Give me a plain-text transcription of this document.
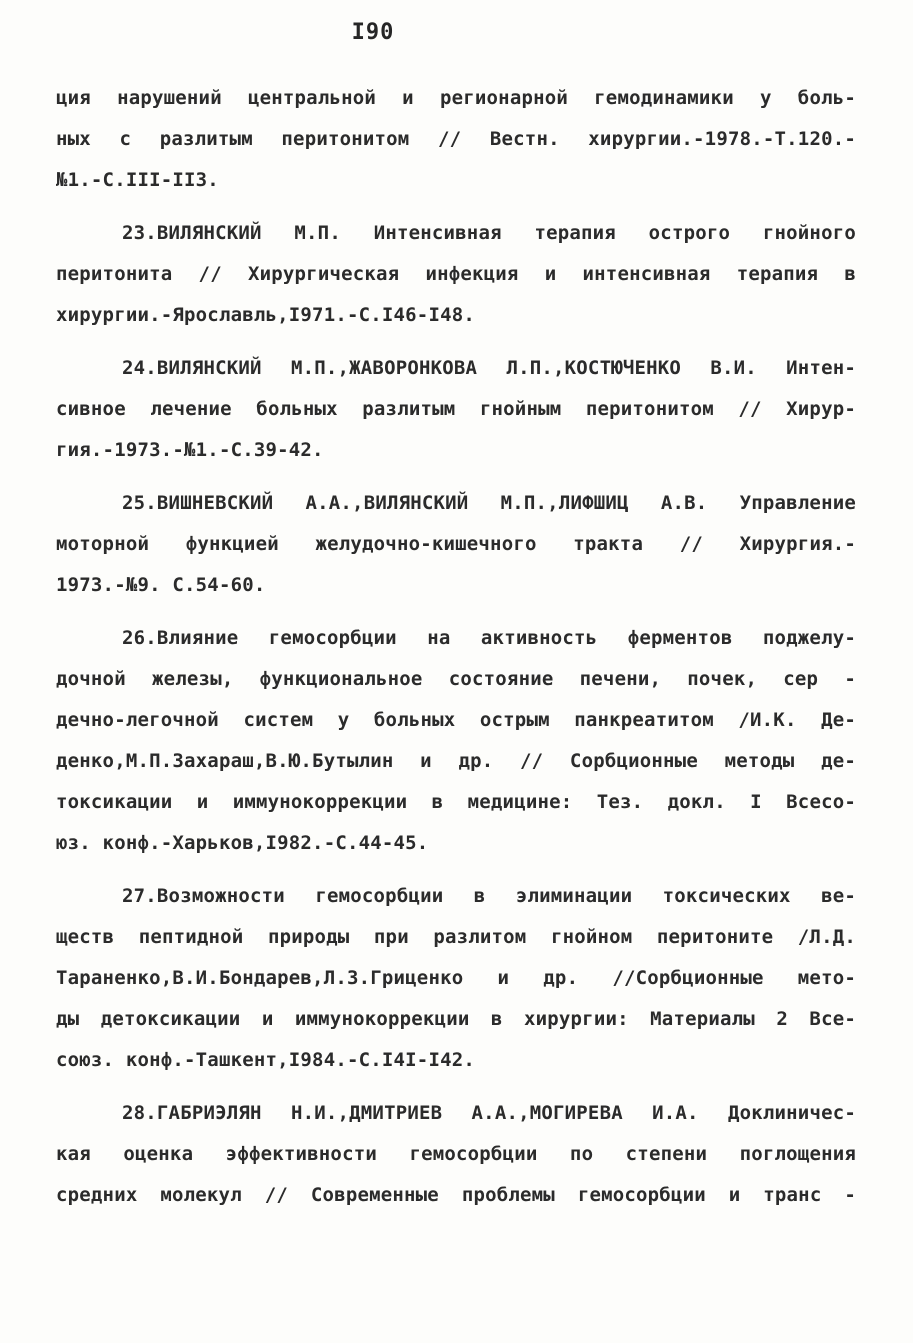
I90
ция нарушений центральной и регионарной гемодинамики у боль-
ных с разлитым перитонитом // Вестн. хирургии.-1978.-Т.120.-
№1.-С.III-II3.
23.ВИЛЯНСКИЙ М.П. Интенсивная терапия острого гнойного
перитонита // Хирургическая инфекция и интенсивная терапия в
хирургии.-Ярославль,I971.-С.I46-I48.
24.ВИЛЯНСКИЙ М.П.,ЖАВОРОНКОВА Л.П.,КОСТЮЧЕНКО В.И. Интен-
сивное лечение больных разлитым гнойным перитонитом // Хирур-
гия.-1973.-№1.-С.39-42.
25.ВИШНЕВСКИЙ А.А.,ВИЛЯНСКИЙ М.П.,ЛИФШИЦ А.В. Управление
моторной функцией желудочно-кишечного тракта // Хирургия.-
1973.-№9. С.54-60.
26.Влияние гемосорбции на активность ферментов поджелу-
дочной железы, функциональное состояние печени, почек, сер -
дечно-легочной систем у больных острым панкреатитом /И.К. Де-
денко,М.П.Захараш,В.Ю.Бутылин и др. // Сорбционные методы де-
токсикации и иммунокоррекции в медицине: Тез. докл. I Всесо-
юз. конф.-Харьков,I982.-С.44-45.
27.Возможности гемосорбции в элиминации токсических ве-
ществ пептидной природы при разлитом гнойном перитоните /Л.Д.
Тараненко,В.И.Бондарев,Л.З.Гриценко и др. //Сорбционные мето-
ды детоксикации и иммунокоррекции в хирургии: Материалы 2 Все-
союз. конф.-Ташкент,I984.-С.I4I-I42.
28.ГАБРИЭЛЯН Н.И.,ДМИТРИЕВ А.А.,МОГИРЕВА И.А. Доклиничес-
кая оценка эффективности гемосорбции по степени поглощения
средних молекул // Современные проблемы гемосорбции и транс -
